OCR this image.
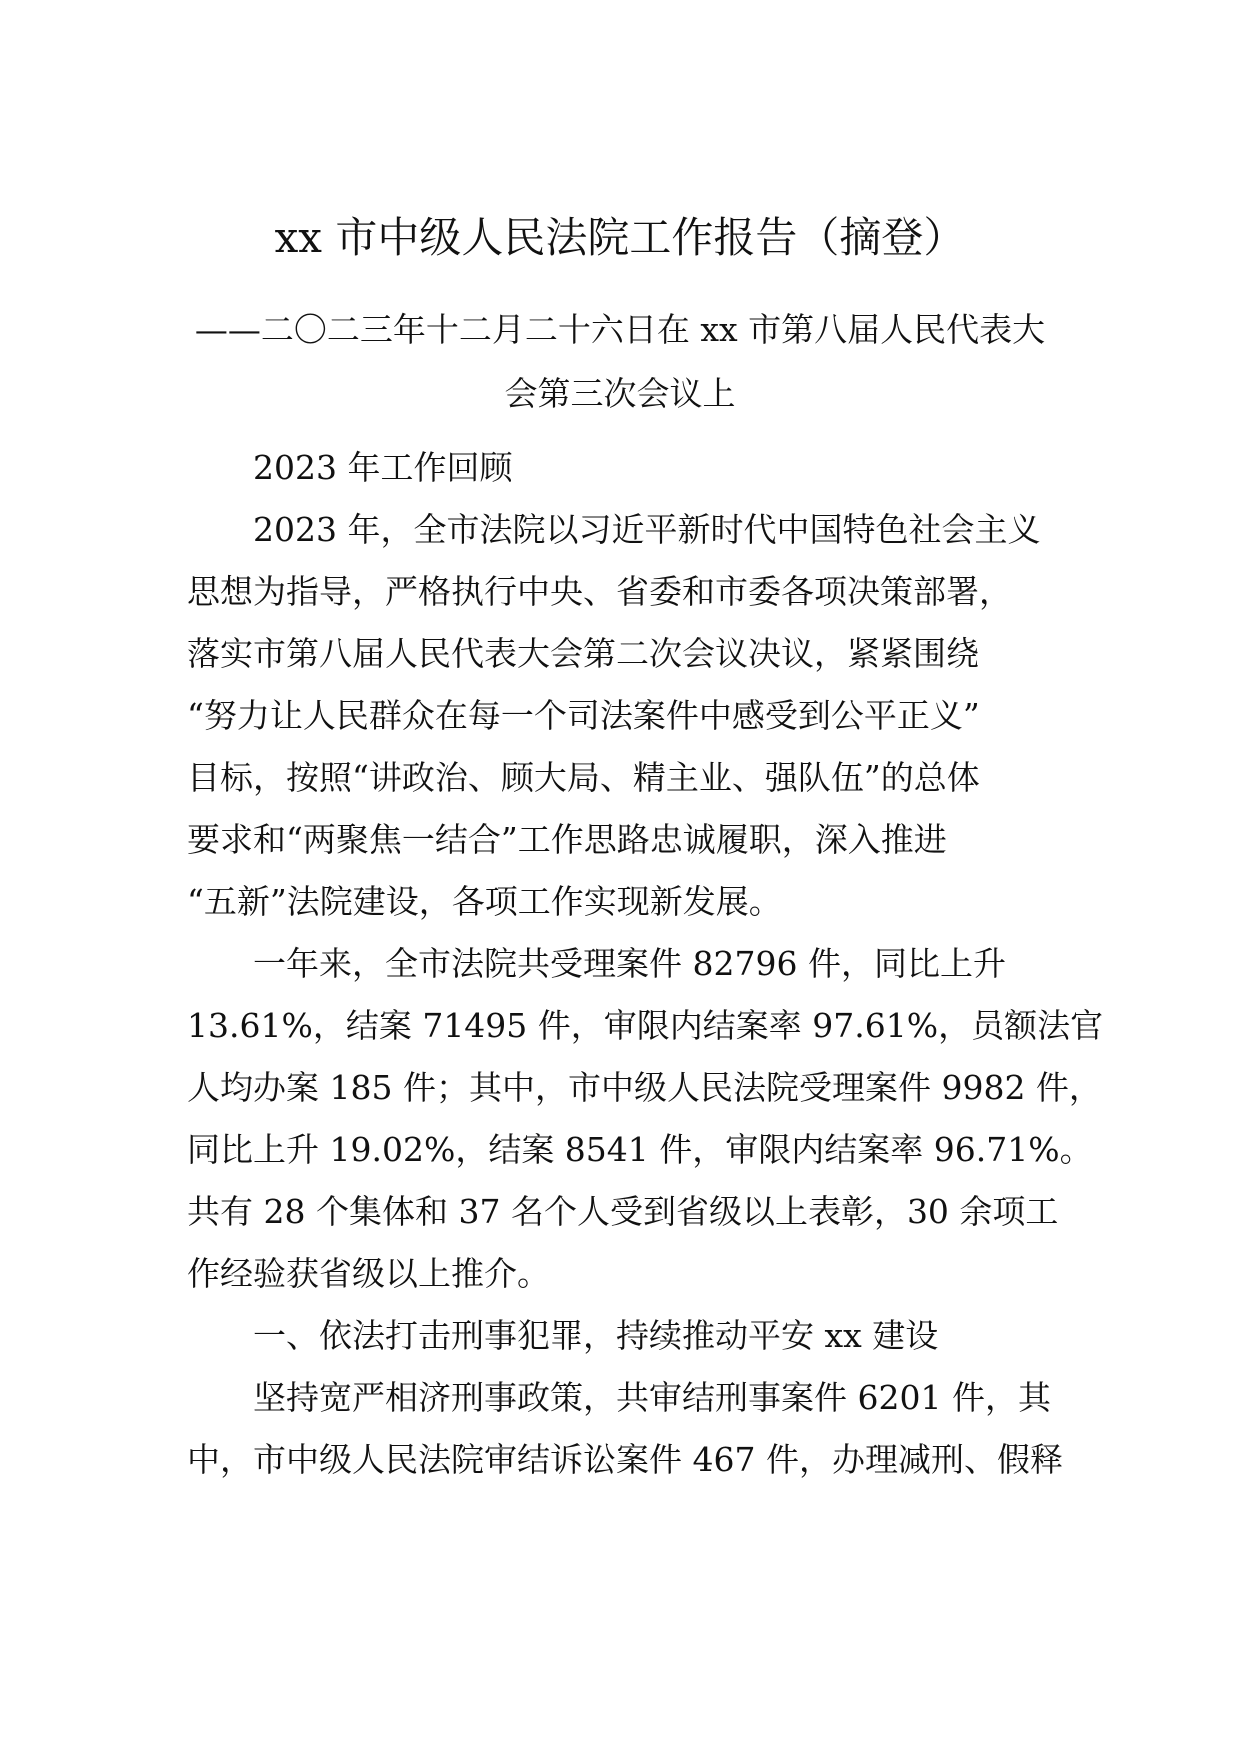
xx 市中级人民法院工作报告（摘登）
——二〇二三年十二月二十六日在 xx 市第八届人民代表大
会第三次会议上
2023 年工作回顾
2023 年，全市法院以习近平新时代中国特色社会主义
思想为指导，严格执行中央、省委和市委各项决策部署，
落实市第八届人民代表大会第二次会议决议，紧紧围绕
“努力让人民群众在每一个司法案件中感受到公平正义”
目标，按照“讲政治、顾大局、精主业、强队伍”的总体
要求和“两聚焦一结合”工作思路忠诚履职，深入推进
“五新”法院建设，各项工作实现新发展。
一年来，全市法院共受理案件 82796 件，同比上升
13.61%，结案 71495 件，审限内结案率 97.61%，员额法官
人均办案 185 件；其中，市中级人民法院受理案件 9982 件，
同比上升 19.02%，结案 8541 件，审限内结案率 96.71%。
共有 28 个集体和 37 名个人受到省级以上表彰，30 余项工
作经验获省级以上推介。
一、依法打击刑事犯罪，持续推动平安 xx 建设
坚持宽严相济刑事政策，共审结刑事案件 6201 件，其
中，市中级人民法院审结诉讼案件 467 件，办理减刑、假释
